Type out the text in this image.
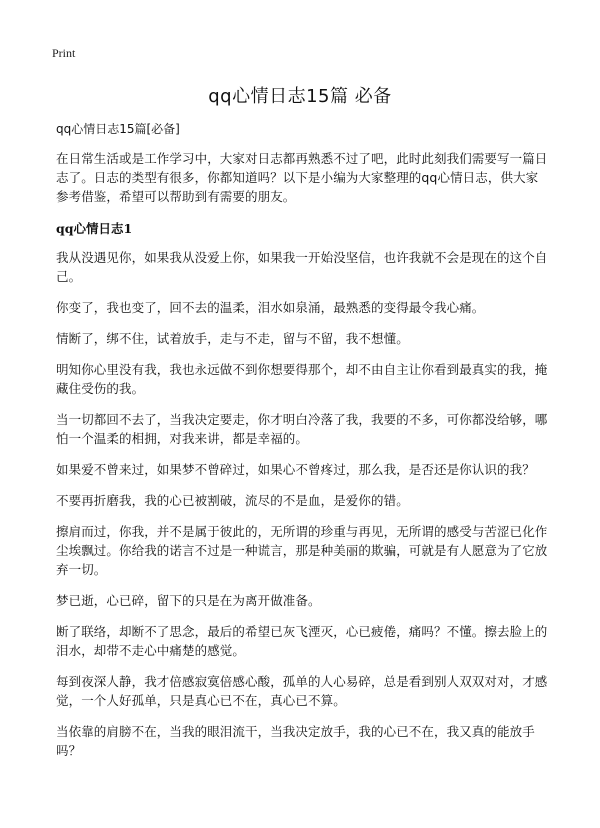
Print
qq心情日志15篇 必备

qq心情日志15篇[必备]

在日常生活或是工作学习中，大家对日志都再熟悉不过了吧，此时此刻我们需要写一篇日志了。日志的类型有很多，你都知道吗？以下是小编为大家整理的qq心情日志，供大家参考借鉴，希望可以帮助到有需要的朋友。

qq心情日志1

我从没遇见你，如果我从没爱上你，如果我一开始没坚信，也许我就不会是现在的这个自己。

你变了，我也变了，回不去的温柔，泪水如泉涌，最熟悉的变得最令我心痛。

情断了，绑不住，试着放手，走与不走，留与不留，我不想懂。

明知你心里没有我，我也永远做不到你想要得那个，却不由自主让你看到最真实的我，掩藏住受伤的我。

当一切都回不去了，当我决定要走，你才明白冷落了我，我要的不多，可你都没给够，哪怕一个温柔的相拥，对我来讲，都是幸福的。

如果爱不曾来过，如果梦不曾碎过，如果心不曾疼过，那么我，是否还是你认识的我？

不要再折磨我，我的心已被割破，流尽的不是血，是爱你的错。

擦肩而过，你我，并不是属于彼此的，无所谓的珍重与再见，无所谓的感受与苦涩已化作尘埃飘过。你给我的诺言不过是一种谎言，那是种美丽的欺骗，可就是有人愿意为了它放弃一切。

梦已逝，心已碎，留下的只是在为离开做准备。

断了联络，却断不了思念，最后的希望已灰飞湮灭，心已疲倦，痛吗？不懂。擦去脸上的泪水，却带不走心中痛楚的感觉。

每到夜深人静，我才倍感寂寞倍感心酸，孤单的人心易碎，总是看到别人双双对对，才感觉，一个人好孤单，只是真心已不在，真心已不算。

当依靠的肩膀不在，当我的眼泪流干，当我决定放手，我的心已不在，我又真的能放手吗？
